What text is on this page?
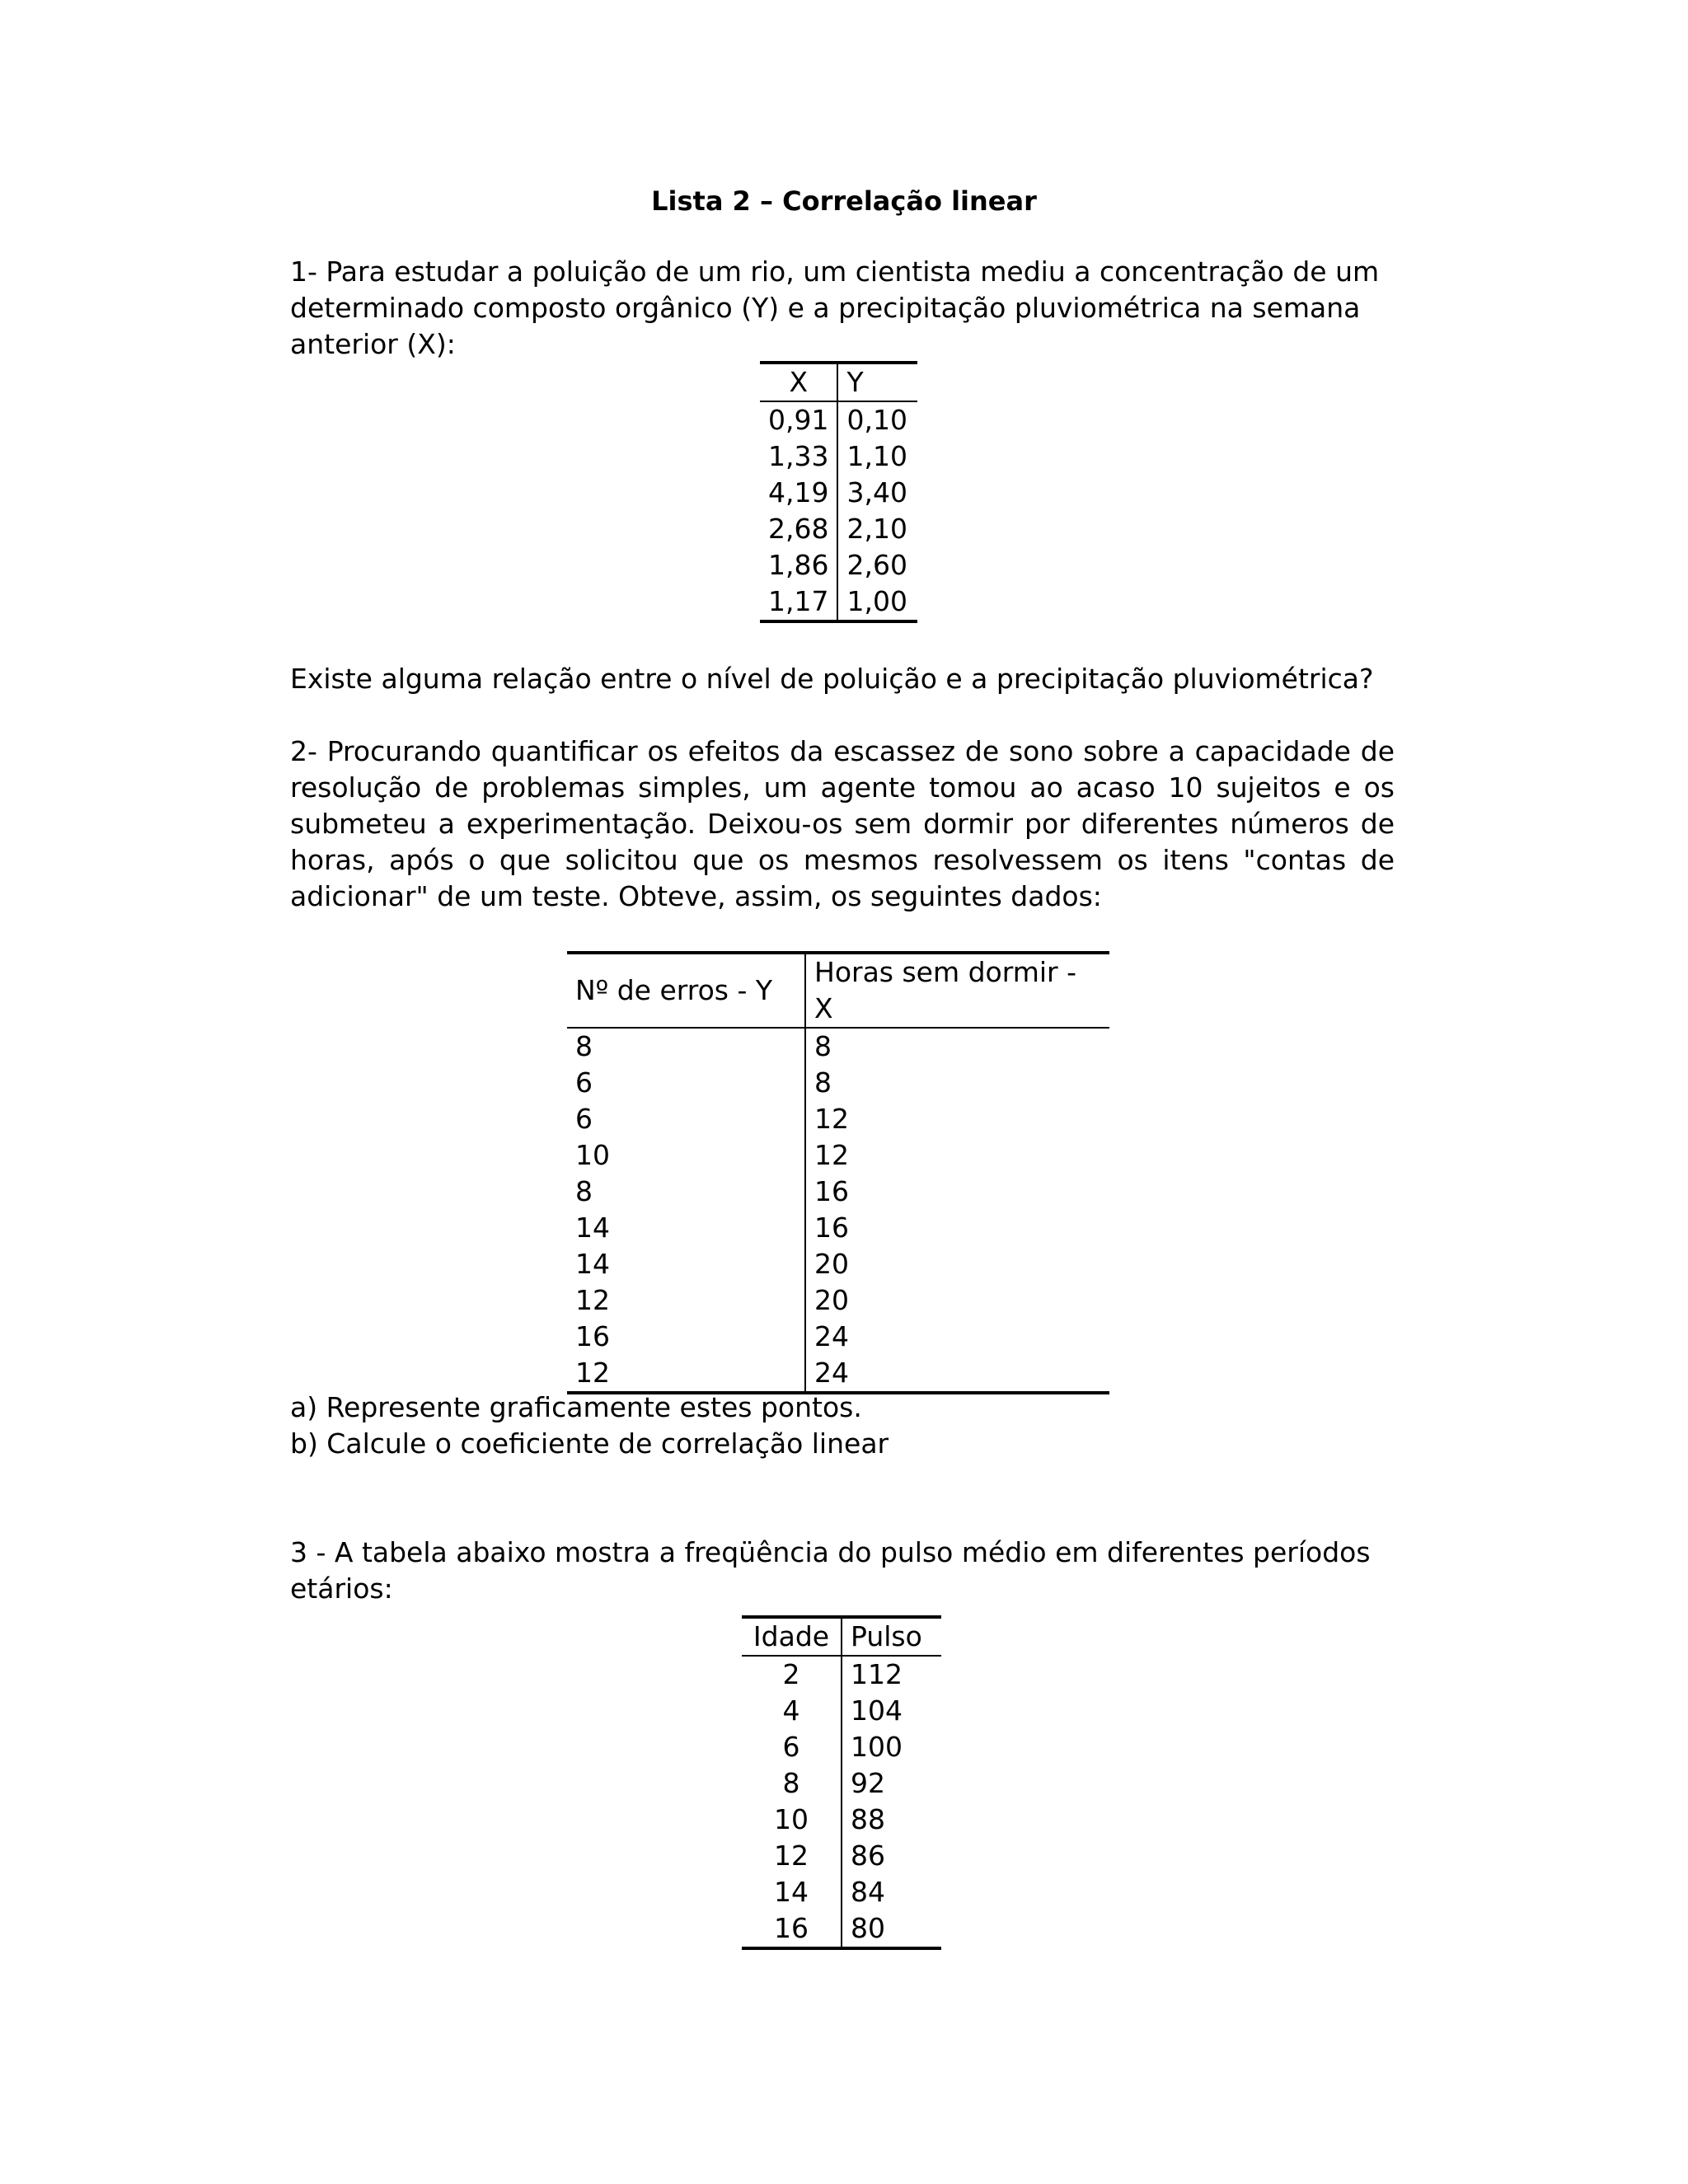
Lista 2 – Correlação linear

1- Para estudar a poluição de um rio, um cientista mediu a concentração de um determinado composto orgânico (Y) e a precipitação pluviométrica na semana anterior (X):

X	Y
0,91	0,10
1,33	1,10
4,19	3,40
2,68	2,10
1,86	2,60
1,17	1,00

Existe alguma relação entre o nível de poluição e a precipitação pluviométrica?

2- Procurando quantificar os efeitos da escassez de sono sobre a capacidade de resolução de problemas simples, um agente tomou ao acaso 10 sujeitos e os submeteu a experimentação. Deixou-os sem dormir por diferentes números de horas, após o que solicitou que os mesmos resolvessem os itens "contas de adicionar" de um teste. Obteve, assim, os seguintes dados:

Nº de erros - Y	Horas sem dormir - X
8	8
6	8
6	12
10	12
8	16
14	16
14	20
12	20
16	24
12	24

a) Represente graficamente estes pontos.

b) Calcule o coeficiente de correlação linear

3 - A tabela abaixo mostra a freqüência do pulso médio em diferentes períodos etários:

Idade	Pulso
2	112
4	104
6	100
8	92
10	88
12	86
14	84
16	80
